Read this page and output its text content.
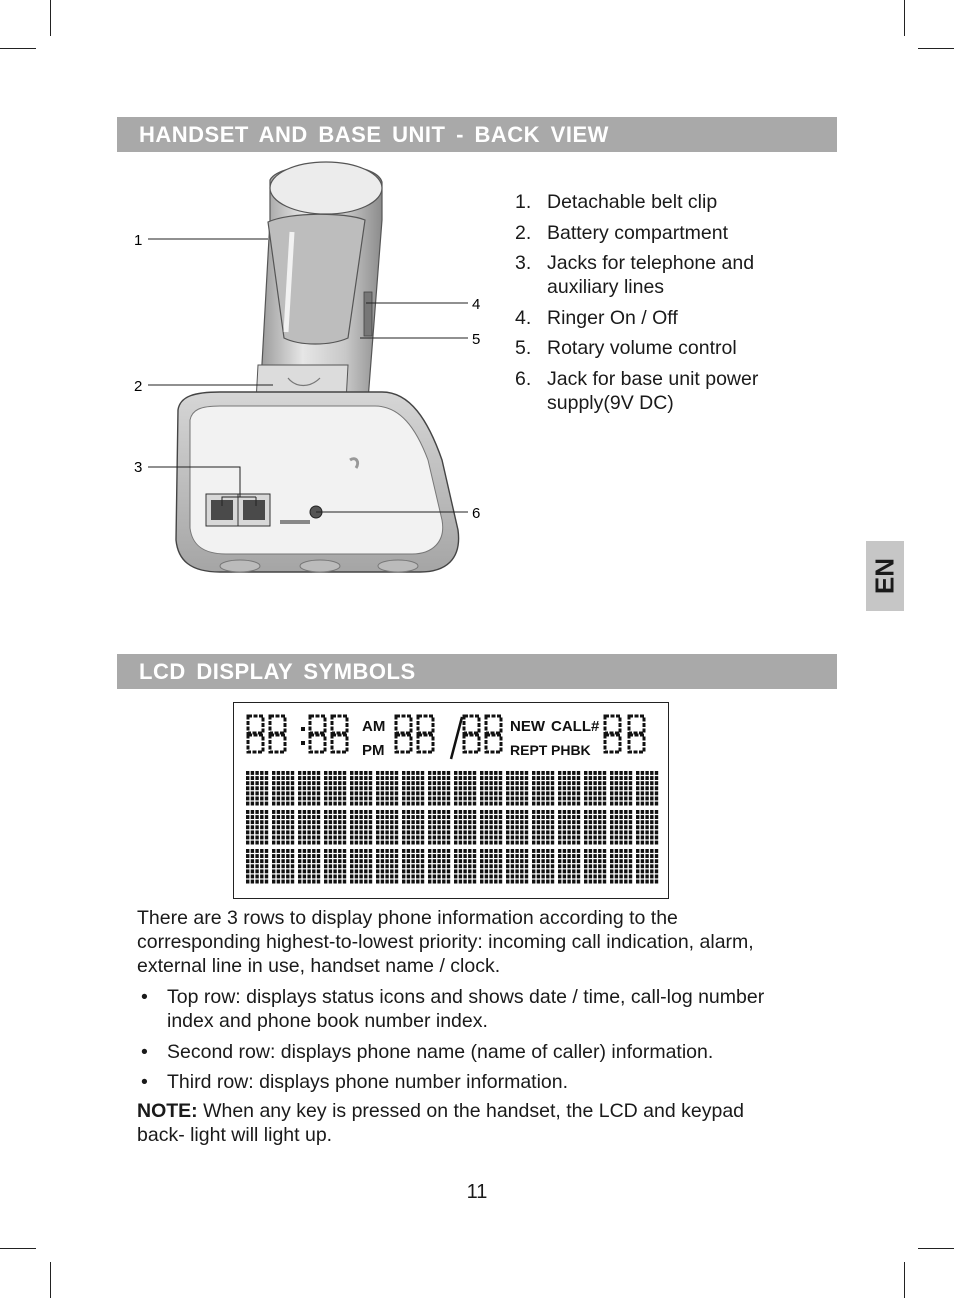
HANDSET AND BASE UNIT - BACK VIEW
1
2
3
4
5
6
1. Detachable belt clip
2. Battery compartment
3. Jacks for telephone and auxiliary lines
4. Ringer On / Off
5. Rotary volume control
6. Jack for base unit power supply(9V DC)
EN
LCD DISPLAY SYMBOLS
AM
PM
NEW CALL#
REPT PHBK

There are 3 rows to display phone information according to the corresponding highest-to-lowest priority: incoming call indication, alarm, external line in use, handset name / clock.

• Top row: displays status icons and shows date / time, call-log number index and phone book number index.
• Second row: displays phone name (name of caller) information.
• Third row: displays phone number information.

NOTE: When any key is pressed on the handset, the LCD and keypad back- light will light up.

11
